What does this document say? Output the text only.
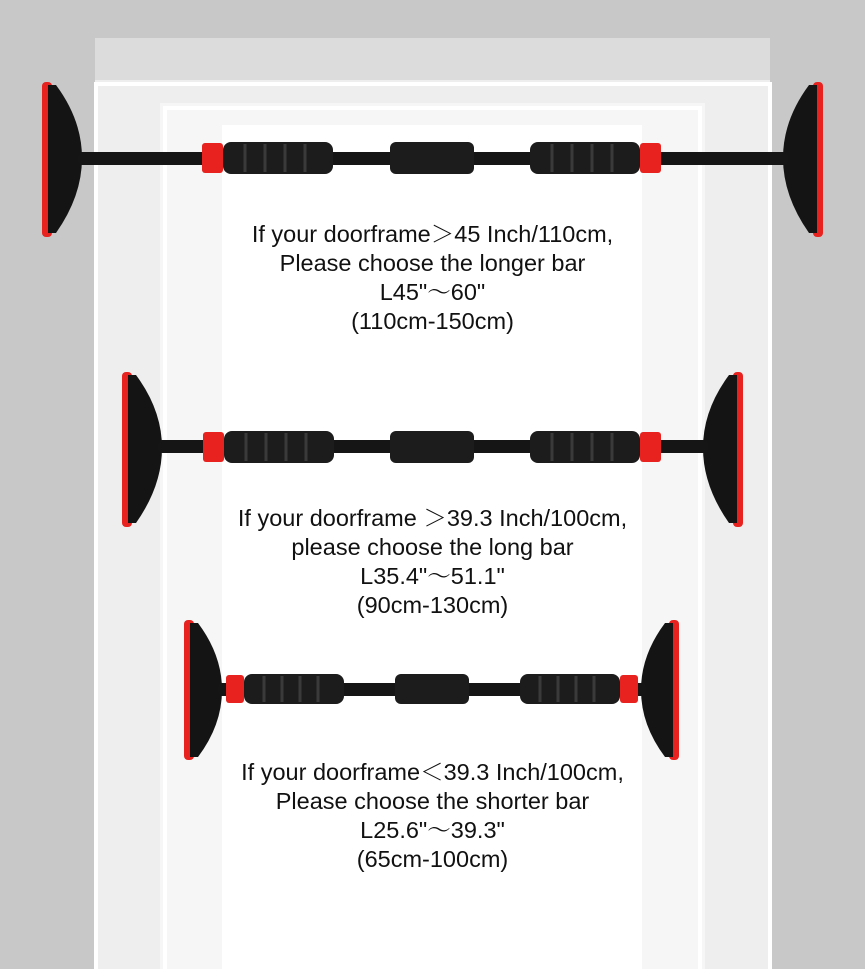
If your doorframe＞45 Inch/110cm,
Please choose the longer bar
L45"～60"
(110cm-150cm)
If your doorframe ＞39.3 Inch/100cm,
please choose the long bar
L35.4"～51.1"
(90cm-130cm)
If your doorframe＜39.3 Inch/100cm,
Please choose the shorter bar
L25.6"～39.3"
(65cm-100cm)
